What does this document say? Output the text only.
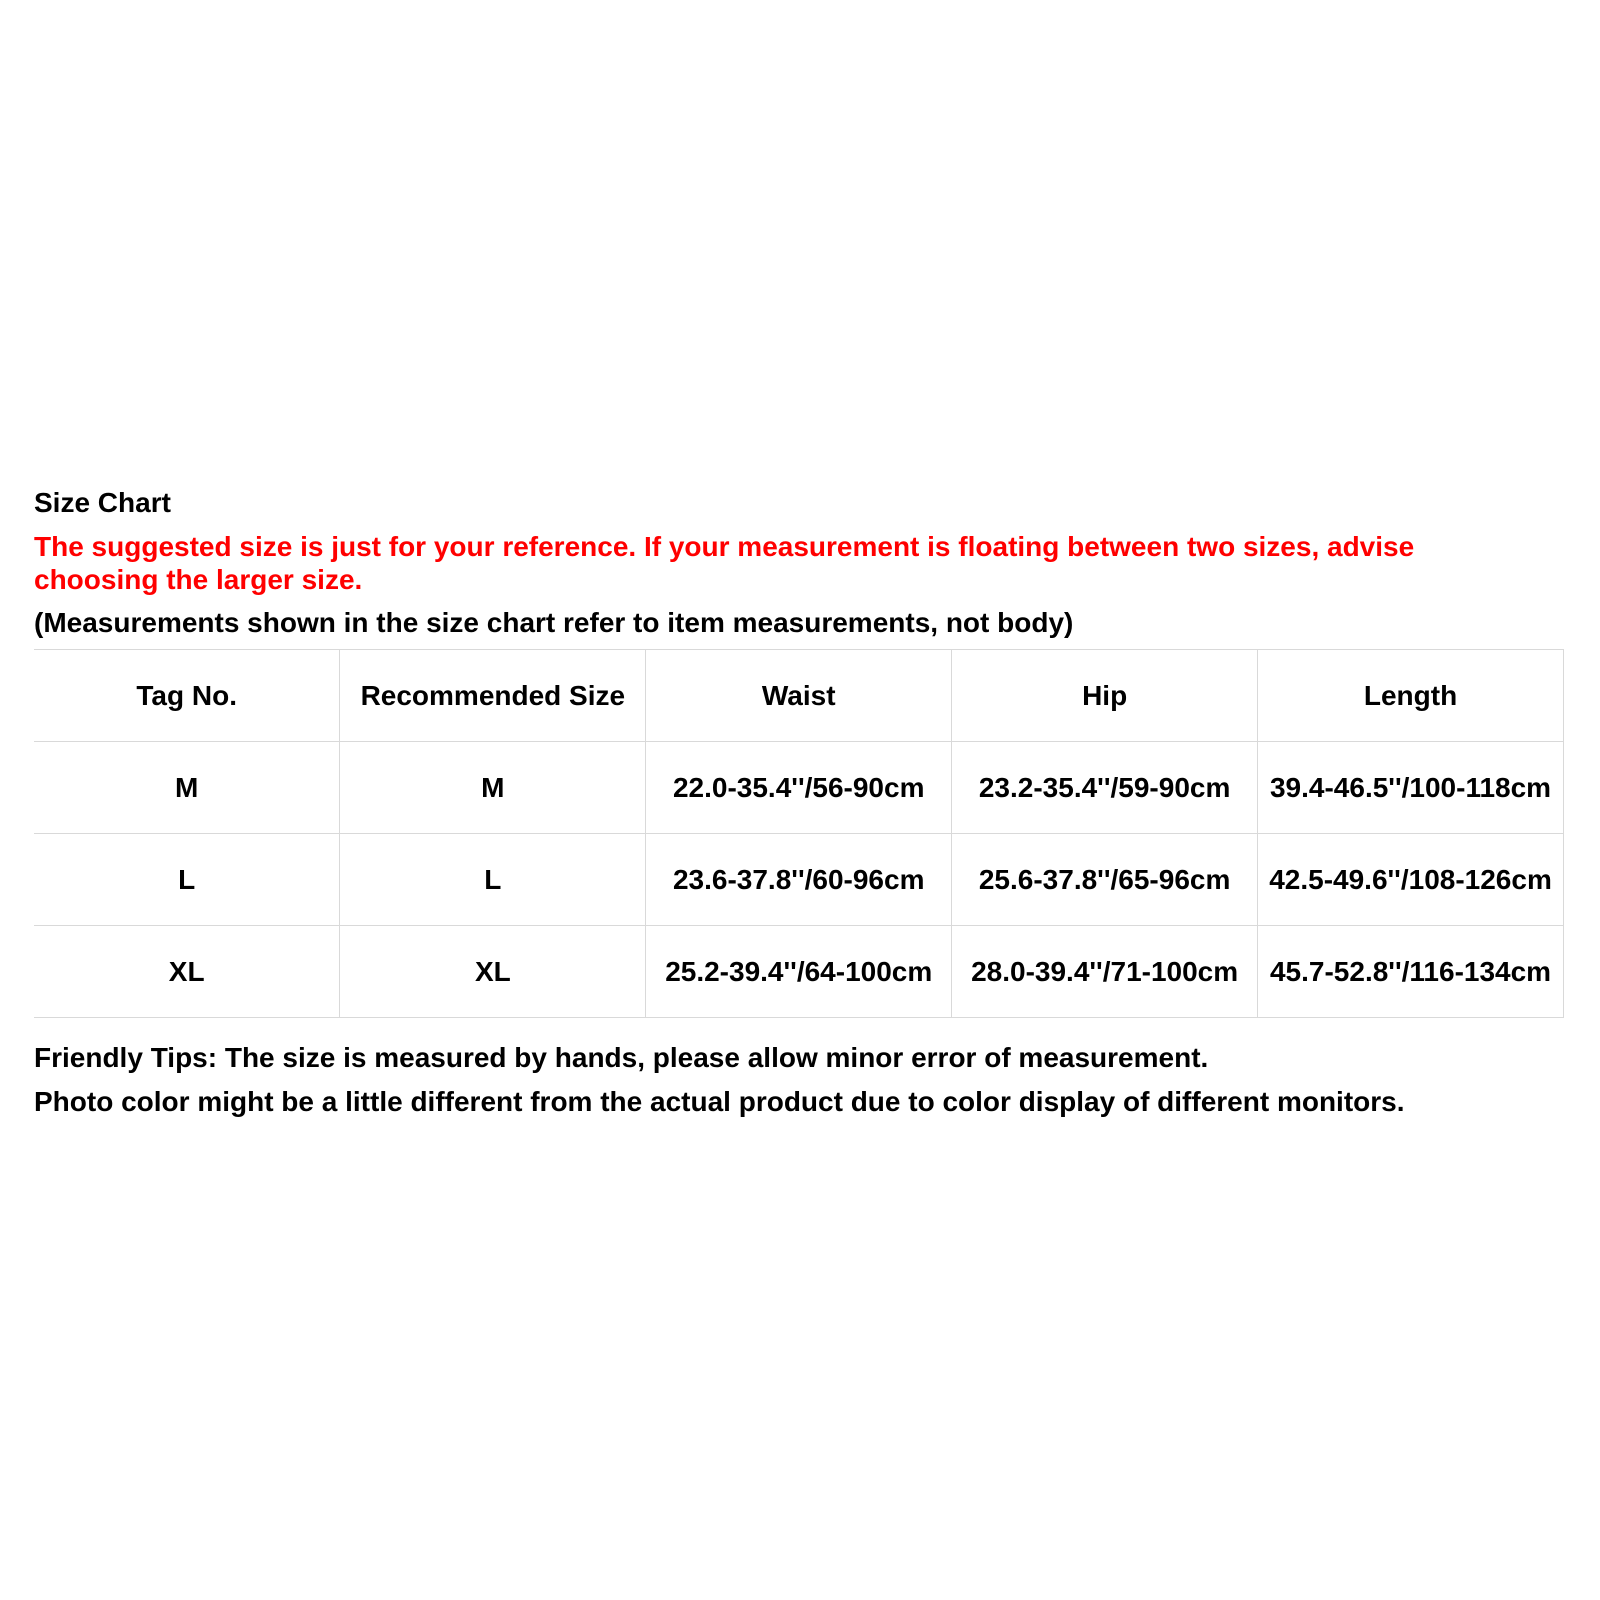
Size Chart

The suggested size is just for your reference. If your measurement is floating between two sizes, advise choosing the larger size.

(Measurements shown in the size chart refer to item measurements, not body)

Tag No.	Recommended Size	Waist	Hip	Length
M	M	22.0-35.4''/56-90cm	23.2-35.4''/59-90cm	39.4-46.5''/100-118cm
L	L	23.6-37.8''/60-96cm	25.6-37.8''/65-96cm	42.5-49.6''/108-126cm
XL	XL	25.2-39.4''/64-100cm	28.0-39.4''/71-100cm	45.7-52.8''/116-134cm

Friendly Tips: The size is measured by hands, please allow minor error of measurement.
Photo color might be a little different from the actual product due to color display of different monitors.
